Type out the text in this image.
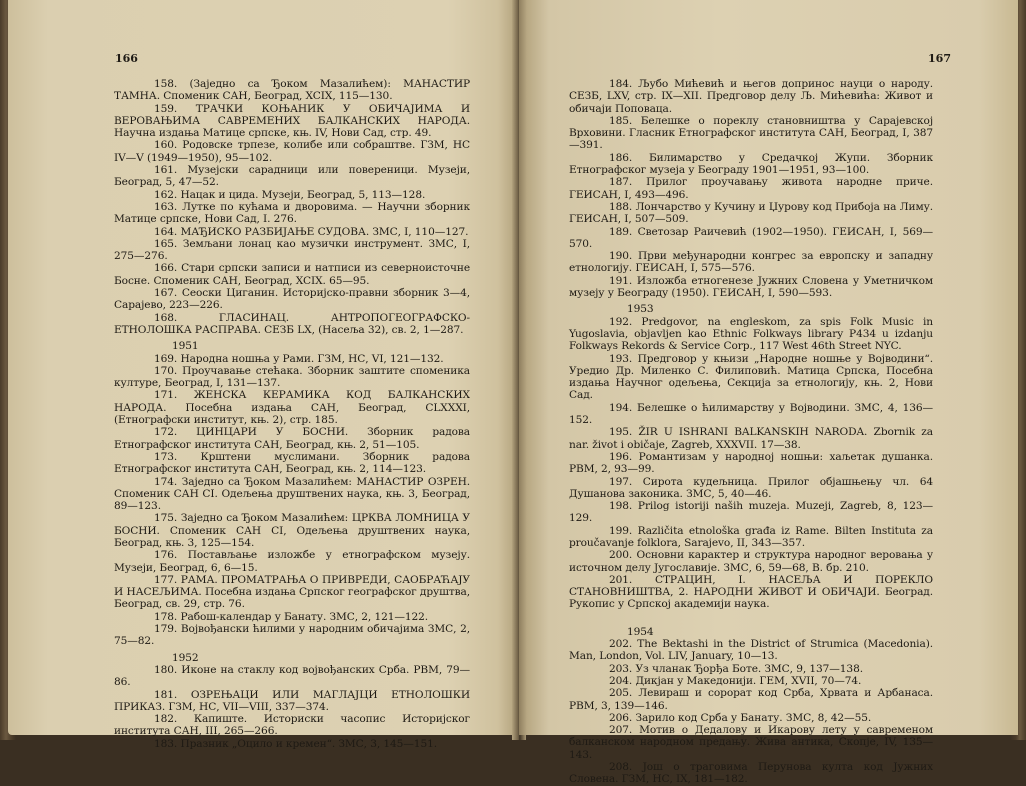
166

158. (Заједно са Ђоком Мазалићем): МАНАСТИР ТАМНА. Споменик САН, Београд, XCIX, 115—130.

159. ТРАЧКИ КОЊАНИК У ОБИЧАЈИМА И ВЕРОВАЊИМА САВРЕМЕНИХ БАЛКАНСКИХ НАРОДА. Научна издања Матице српске, књ. IV, Нови Сад, стр. 49.

160. Родовске трпезе, колибе или собраштве. ГЗМ, НС IV—V (1949—1950), 95—102.

161. Музејски сарадници или повереници. Музеји, Београд, 5, 47—52.

162. Нацак и цида. Музеји, Београд, 5, 113—128.

163. Лутке по кућама и дворовима. — Научни зборник Матице српске, Нови Сад, I. 276.

164. МАЂИСКО РАЗБИЈАЊЕ СУДОВА. ЗМС, I, 110—127.

165. Земљани лонац као музички инструмент. ЗМС, I, 275—276.

166. Стари српски записи и натписи из северноисточне Босне. Споменик САН, Београд, XCIX. 65—95.

167. Сеоски Циганин. Историјско-правни зборник 3—4, Сарајево, 223—226.

168. ГЛАСИНАЦ. АНТРОПОГЕОГРАФСКО-ЕТНОЛОШКА РАСПРАВА. СЕЗБ LX, (Насеља 32), св. 2, 1—287.

1951

169. Народна ношња у Рами. ГЗМ, НС, VI, 121—132.

170. Проучавање стећака. Зборник заштите споменика културе, Београд, I, 131—137.

171. ЖЕНСКА КЕРАМИКА КОД БАЛКАНСКИХ НАРОДА. Посебна издања САН, Београд, CLXXXI, (Етнографски институт, књ. 2), стр. 185.

172. ЦИНЦАРИ У БОСНИ. Зборник радова Етнографског института САН, Београд, књ. 2, 51—105.

173. Крштени муслимани. Зборник радова Етнографског института САН, Београд, књ. 2, 114—123.

174. Заједно са Ђоком Мазалићем: МАНАСТИР ОЗРЕН. Споменик САН CI. Одељења друштвених наука, књ. 3, Београд, 89—123.

175. Заједно са Ђоком Мазалићем: ЦРКВА ЛОМНИЦА У БОСНИ. Споменик САН CI, Одељења друштвених наука, Београд, књ. 3, 125—154.

176. Постављање изложбе у етнографском музеју. Музеји, Београд, 6, 6—15.

177. РАМА. ПРОМАТРАЊА О ПРИВРЕДИ, САОБРАЋАЈУ И НАСЕЉИМА. Посебна издања Српског географског друштва, Београд, св. 29, стр. 76.

178. Рабош-календар у Банату. ЗМС, 2, 121—122.

179. Војвођански ћилими у народним обичајима ЗМС, 2, 75—82.

1952

180. Иконе на стаклу код војвођанских Срба. РВМ, 79—86.

181. ОЗРЕЊАЦИ ИЛИ МАГЛАЈЦИ ЕТНОЛОШКИ ПРИКАЗ. ГЗМ, НС, VII—VIII, 337—374.

182. Капиште. Историски часопис Историјског института САН, III, 265—266.

183. Празник „Оцило и кремен“. ЗМС, 3, 145—151.

167

184. Љубо Мићевић и његов допринос науци о народу. СЕЗБ, LXV, стр. IX—XII. Предговор делу Љ. Мићевића: Живот и обичаји Поповаца.

185. Белешке о пореклу становништва у Сарајевској Врховини. Гласник Етнографског института САН, Београд, I, 387—391.

186. Билимарство у Средачкој Жупи. Зборник Етнографског музеја у Београду 1901—1951, 93—100.

187. Прилог проучавању живота народне приче. ГЕИСАН, I, 493—496.

188. Лончарство у Кучину и Џурову код Прибоја на Лиму. ГЕИСАН, I, 507—509.

189. Светозар Раичевић (1902—1950). ГЕИСАН, I, 569—570.

190. Први међународни конгрес за европску и западну етнологију. ГЕИСАН, I, 575—576.

191. Изложба етногенезе Јужних Словена у Уметничком музеју у Београду (1950). ГЕИСАН, I, 590—593.

1953

192. Predgovor, na engleskom, za spis Folk Music in Yugoslavia, objavljen kao Ethnic Folkways library P434 u izdanju Folkways Rekords & Service Corp., 117 West 46th Street NYC.

193. Предговор у књизи „Народне ношње у Војводини“. Уредио Др. Миленко С. Филиповић. Матица Српска, Посебна издања Научног одељења, Секција за етнологију, књ. 2, Нови Сад.

194. Белешке о ћилимарству у Војводини. ЗМС, 4, 136—152.

195. ŽIR U ISHRANI BALKANSKIH NARODA. Zbornik za nar. život i običaje, Zagreb, XXXVII. 17—38.

196. Романтизам у народној ношњи: хаљетак душанка. РВМ, 2, 93—99.

197. Сирота кудељница. Прилог објашњењу чл. 64 Душанова законика. ЗМС, 5, 40—46.

198. Prilog istoriji naših muzeja. Muzeji, Zagreb, 8, 123—129.

199. Različita etnološka građa iz Rame. Bilten Instituta za proučavanje folklora, Sarajevo, II, 343—357.

200. Основни карактер и структура народног веровања у источном делу Југославије. ЗМС, 6, 59—68, В. бр. 210.

201. СТРАЦИН, I. НАСЕЉА И ПОРЕКЛО СТАНОВНИШТВА, 2. НАРОДНИ ЖИВОТ И ОБИЧАЈИ. Београд. Рукопис у Српској академији наука.

1954

202. The Bektashi in the District of Strumica (Macedonia). Man, London, Vol. LIV, January, 10—13.

203. Уз чланак Ђорђа Боте. ЗМС, 9, 137—138.

204. Дикјан у Македонији. ГЕМ, XVII, 70—74.

205. Левираш и сорорат код Срба, Хрвата и Арбанаса. РВМ, 3, 139—146.

206. Зарило код Срба у Банату. ЗМС, 8, 42—55.

207. Мотив о Дедалову и Икарову лету у савременом балканском народном предању. Жива антика, Скопје, IV, 135—143.

208. Још о траговима Перунова култа код Јужних Словена. ГЗМ, НС, IX, 181—182.
